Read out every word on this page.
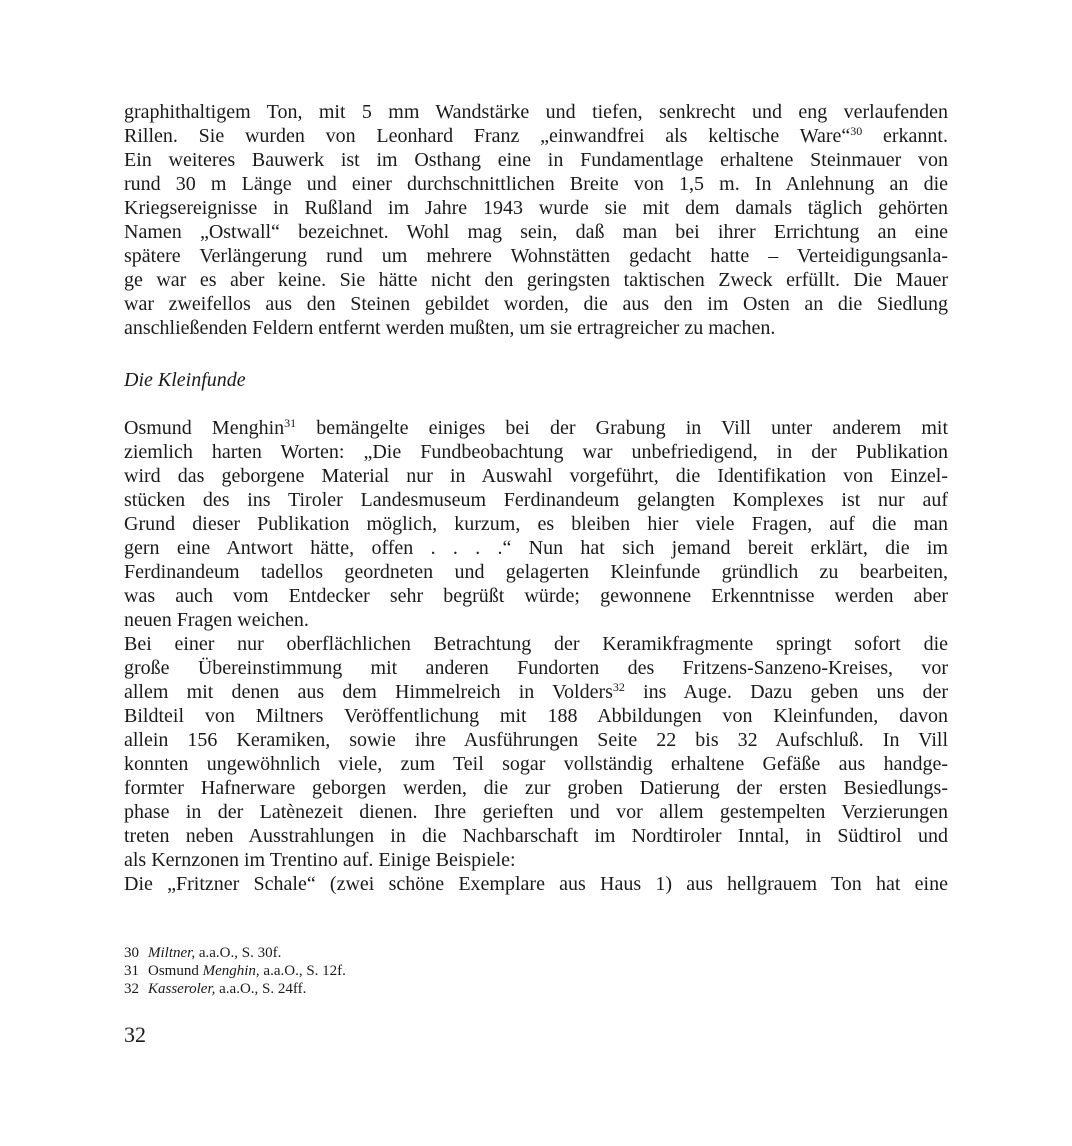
graphithaltigem Ton, mit 5 mm Wandstärke und tiefen, senkrecht und eng verlaufenden
Rillen. Sie wurden von Leonhard Franz „einwandfrei als keltische Ware“$^{30}$ erkannt.
Ein weiteres Bauwerk ist im Osthang eine in Fundamentlage erhaltene Steinmauer von
rund 30 m Länge und einer durchschnittlichen Breite von 1,5 m. In Anlehnung an die
Kriegsereignisse in Rußland im Jahre 1943 wurde sie mit dem damals täglich gehörten
Namen „Ostwall“ bezeichnet. Wohl mag sein, daß man bei ihrer Errichtung an eine
spätere Verlängerung rund um mehrere Wohnstätten gedacht hatte – Verteidigungsanla-
ge war es aber keine. Sie hätte nicht den geringsten taktischen Zweck erfüllt. Die Mauer
war zweifellos aus den Steinen gebildet worden, die aus den im Osten an die Siedlung
anschließenden Feldern entfernt werden mußten, um sie ertragreicher zu machen.
Die Kleinfunde
Osmund Menghin$^{31}$ bemängelte einiges bei der Grabung in Vill unter anderem mit
ziemlich harten Worten: „Die Fundbeobachtung war unbefriedigend, in der Publikation
wird das geborgene Material nur in Auswahl vorgeführt, die Identifikation von Einzel-
stücken des ins Tiroler Landesmuseum Ferdinandeum gelangten Komplexes ist nur auf
Grund dieser Publikation möglich, kurzum, es bleiben hier viele Fragen, auf die man
gern eine Antwort hätte, offen . . . .“ Nun hat sich jemand bereit erklärt, die im
Ferdinandeum tadellos geordneten und gelagerten Kleinfunde gründlich zu bearbeiten,
was auch vom Entdecker sehr begrüßt würde; gewonnene Erkenntnisse werden aber
neuen Fragen weichen.
Bei einer nur oberflächlichen Betrachtung der Keramikfragmente springt sofort die
große Übereinstimmung mit anderen Fundorten des Fritzens-Sanzeno-Kreises, vor
allem mit denen aus dem Himmelreich in Volders$^{32}$ ins Auge. Dazu geben uns der
Bildteil von Miltners Veröffentlichung mit 188 Abbildungen von Kleinfunden, davon
allein 156 Keramiken, sowie ihre Ausführungen Seite 22 bis 32 Aufschluß. In Vill
konnten ungewöhnlich viele, zum Teil sogar vollständig erhaltene Gefäße aus handge-
formter Hafnerware geborgen werden, die zur groben Datierung der ersten Besiedlungs-
phase in der Latènezeit dienen. Ihre gerieften und vor allem gestempelten Verzierungen
treten neben Ausstrahlungen in die Nachbarschaft im Nordtiroler Inntal, in Südtirol und
als Kernzonen im Trentino auf. Einige Beispiele:
Die „Fritzner Schale“ (zwei schöne Exemplare aus Haus 1) aus hellgrauem Ton hat eine
30 Miltner, a.a.O., S. 30f.
31 Osmund Menghin, a.a.O., S. 12f.
32 Kasseroler, a.a.O., S. 24ff.
32
